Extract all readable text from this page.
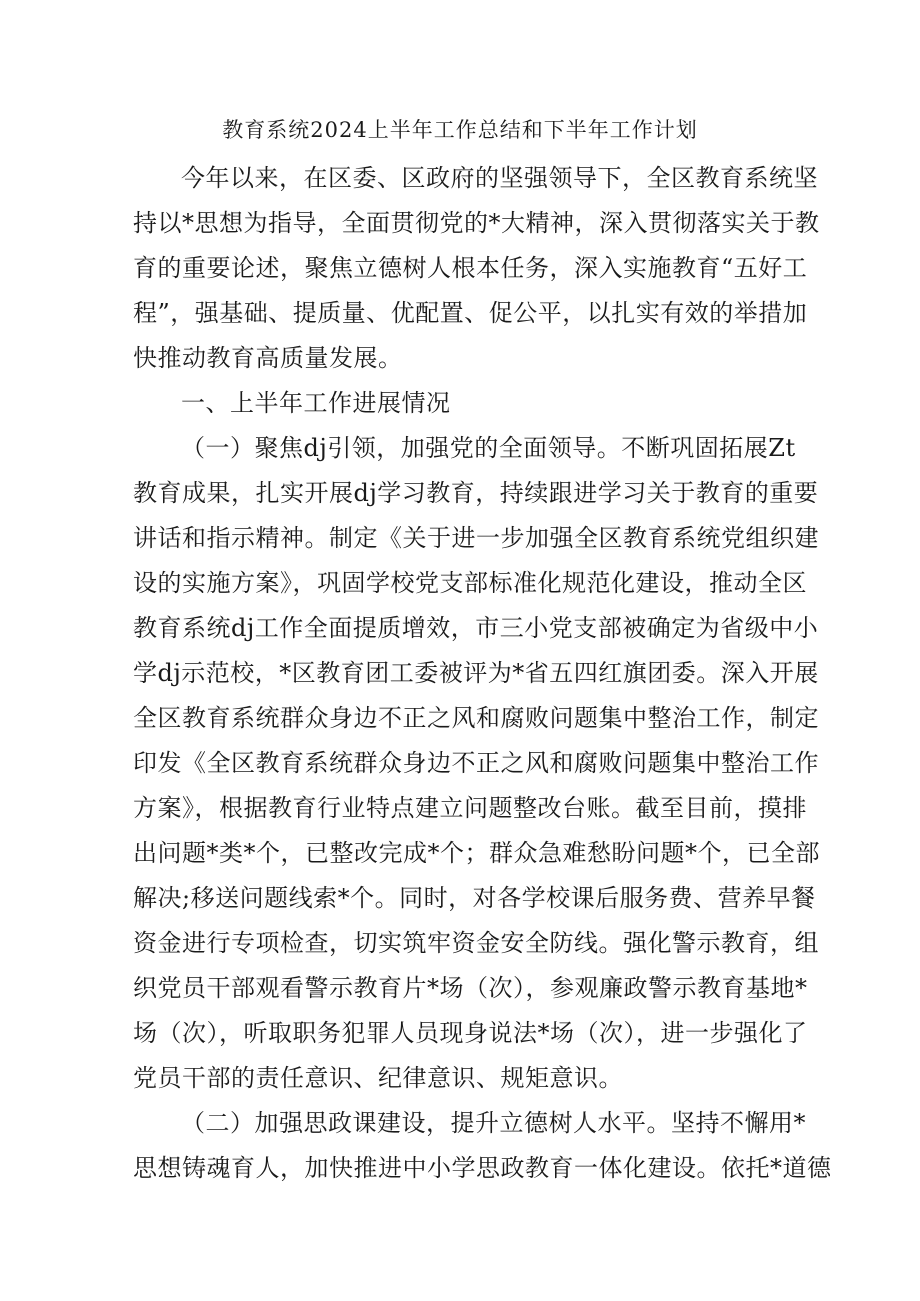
教育系统2024上半年工作总结和下半年工作计划
今年以来，在区委、区政府的坚强领导下，全区教育系统坚
持以*思想为指导，全面贯彻党的*大精神，深入贯彻落实关于教
育的重要论述，聚焦立德树人根本任务，深入实施教育“五好工
程”，强基础、提质量、优配置、促公平，以扎实有效的举措加
快推动教育高质量发展。
一、上半年工作进展情况
（一）聚焦dj引领，加强党的全面领导。不断巩固拓展Zt
教育成果，扎实开展dj学习教育，持续跟进学习关于教育的重要
讲话和指示精神。制定《关于进一步加强全区教育系统党组织建
设的实施方案》，巩固学校党支部标准化规范化建设，推动全区
教育系统dj工作全面提质增效，市三小党支部被确定为省级中小
学dj示范校，*区教育团工委被评为*省五四红旗团委。深入开展
全区教育系统群众身边不正之风和腐败问题集中整治工作，制定
印发《全区教育系统群众身边不正之风和腐败问题集中整治工作
方案》，根据教育行业特点建立问题整改台账。截至目前，摸排
出问题*类*个，已整改完成*个；群众急难愁盼问题*个，已全部
解决;移送问题线索*个。同时，对各学校课后服务费、营养早餐
资金进行专项检查，切实筑牢资金安全防线。强化警示教育，组
织党员干部观看警示教育片*场（次），参观廉政警示教育基地*
场（次），听取职务犯罪人员现身说法*场（次），进一步强化了
党员干部的责任意识、纪律意识、规矩意识。
（二）加强思政课建设，提升立德树人水平。坚持不懈用*
思想铸魂育人，加快推进中小学思政教育一体化建设。依托*道德
